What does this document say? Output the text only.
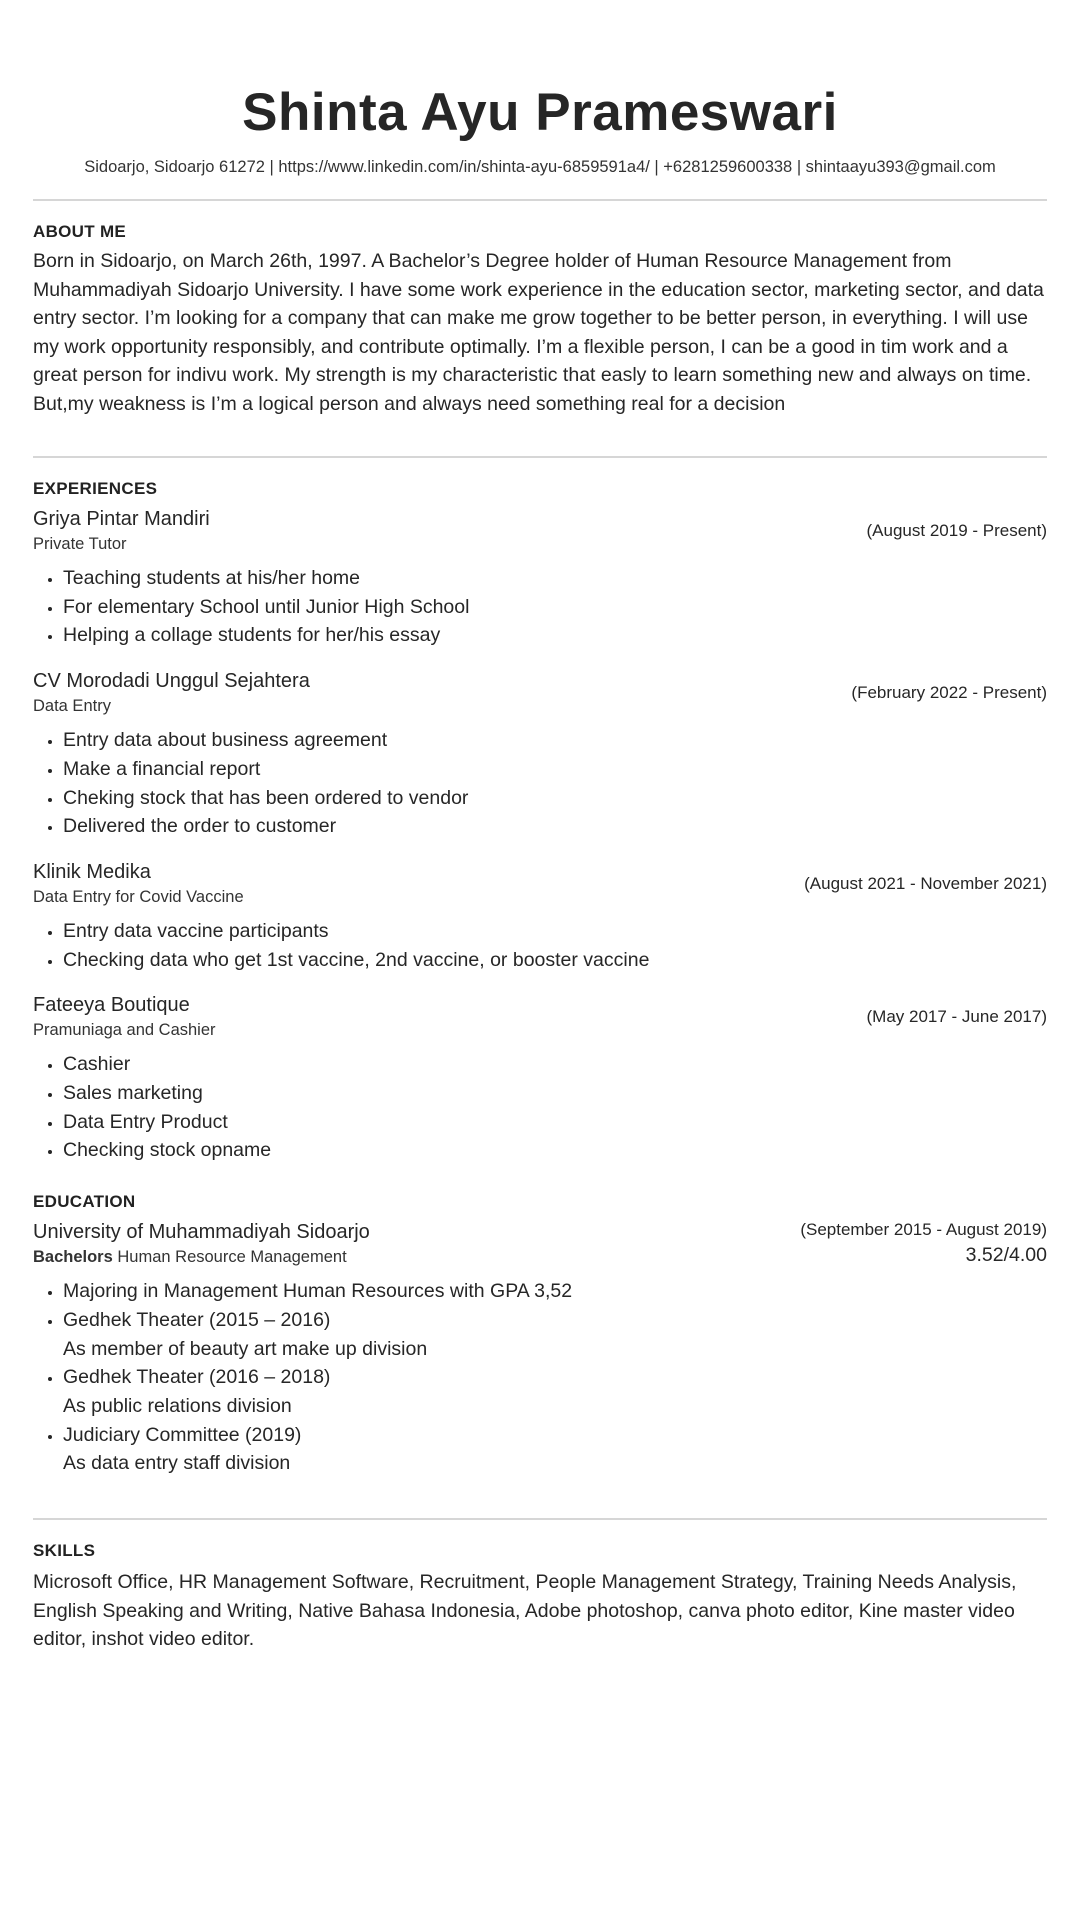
Shinta Ayu Prameswari
Sidoarjo, Sidoarjo 61272 | https://www.linkedin.com/in/shinta-ayu-6859591a4/ | +6281259600338 | shintaayu393@gmail.com
ABOUT ME
Born in Sidoarjo, on March 26th, 1997. A Bachelor’s Degree holder of Human Resource Management from Muhammadiyah Sidoarjo University. I have some work experience in the education sector, marketing sector, and data entry sector. I’m looking for a company that can make me grow together to be better person, in everything. I will use my work opportunity responsibly, and contribute optimally. I’m a flexible person, I can be a good in tim work and a great person for indivu work. My strength is my characteristic that easly to learn something new and always on time. But,my weakness is I’m a logical person and always need something real for a decision
EXPERIENCES
Griya Pintar Mandiri
Private Tutor
(August 2019 - Present)
• Teaching students at his/her home
• For elementary School until Junior High School
• Helping a collage students for her/his essay
CV Morodadi Unggul Sejahtera
Data Entry
(February 2022 - Present)
• Entry data about business agreement
• Make a financial report
• Cheking stock that has been ordered to vendor
• Delivered the order to customer
Klinik Medika
Data Entry for Covid Vaccine
(August 2021 - November 2021)
• Entry data vaccine participants
• Checking data who get 1st vaccine, 2nd vaccine, or booster vaccine
Fateeya Boutique
Pramuniaga and Cashier
(May 2017 - June 2017)
• Cashier
• Sales marketing
• Data Entry Product
• Checking stock opname
EDUCATION
University of Muhammadiyah Sidoarjo
Bachelors Human Resource Management
(September 2015 - August 2019)
3.52/4.00
• Majoring in Management Human Resources with GPA 3,52
• Gedhek Theater (2015 – 2016)
As member of beauty art make up division
• Gedhek Theater (2016 – 2018)
As public relations division
• Judiciary Committee (2019)
As data entry staff division
SKILLS
Microsoft Office, HR Management Software, Recruitment, People Management Strategy, Training Needs Analysis, English Speaking and Writing, Native Bahasa Indonesia, Adobe photoshop, canva photo editor, Kine master video editor, inshot video editor.
